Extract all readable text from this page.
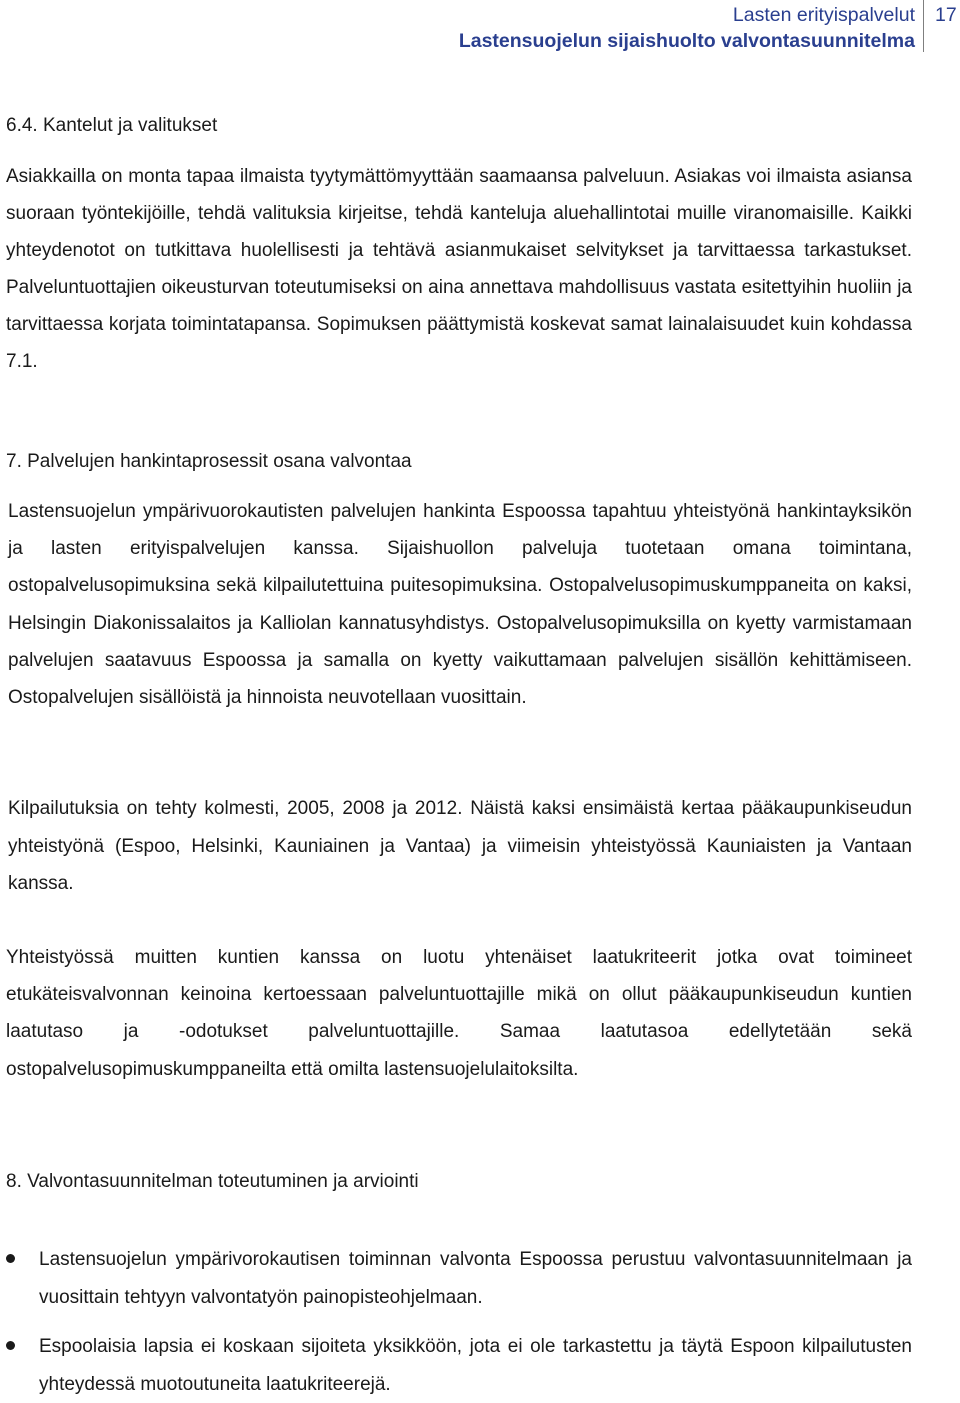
Lasten erityispalvelut
Lastensuojelun sijaishuolto valvontasuunnitelma
17
6.4. Kantelut ja valitukset
Asiakkailla on monta tapaa ilmaista tyytymättömyyttään saamaansa palveluun. Asiakas voi ilmaista asiansa suoraan työntekijöille, tehdä valituksia kirjeitse, tehdä kanteluja aluehallintotai muille viranomaisille. Kaikki yhteydenotot on tutkittava huolellisesti ja tehtävä asianmukaiset selvitykset ja tarvittaessa tarkastukset. Palveluntuottajien oikeusturvan toteutumiseksi on aina annettava mahdollisuus vastata esitettyihin huoliin ja tarvittaessa korjata toimintatapansa. Sopimuksen päättymistä koskevat samat lainalaisuudet kuin kohdassa 7.1.
7. Palvelujen hankintaprosessit osana valvontaa
Lastensuojelun ympärivuorokautisten palvelujen hankinta Espoossa tapahtuu yhteistyönä hankintayksikön ja lasten erityispalvelujen kanssa. Sijaishuollon palveluja tuotetaan omana toimintana, ostopalvelusopimuksina sekä kilpailutettuina puitesopimuksina. Ostopalvelusopimuskumppaneita on kaksi, Helsingin Diakonissalaitos ja Kalliolan kannatusyhdistys. Ostopalvelusopimuksilla on kyetty varmistamaan palvelujen saatavuus Espoossa ja samalla on kyetty vaikuttamaan palvelujen sisällön kehittämiseen. Ostopalvelujen sisällöistä ja hinnoista neuvotellaan vuosittain.
Kilpailutuksia on tehty kolmesti, 2005, 2008 ja 2012. Näistä kaksi ensimäistä kertaa pääkaupunkiseudun yhteistyönä (Espoo, Helsinki, Kauniainen ja Vantaa) ja viimeisin yhteistyössä Kauniaisten ja Vantaan kanssa.
Yhteistyössä muitten kuntien kanssa on luotu yhtenäiset laatukriteerit jotka ovat toimineet etukäteisvalvonnan keinoina kertoessaan palveluntuottajille mikä on ollut pääkaupunkiseudun kuntien laatutaso ja -odotukset palveluntuottajille. Samaa laatutasoa edellytetään sekä ostopalvelusopimuskumppaneilta että omilta lastensuojelulaitoksilta.
8. Valvontasuunnitelman toteutuminen ja arviointi
Lastensuojelun ympärivorokautisen toiminnan valvonta Espoossa perustuu valvontasuunnitelmaan ja vuosittain tehtyyn valvontatyön painopisteohjelmaan.
Espoolaisia lapsia ei koskaan sijoiteta yksikköön, jota ei ole tarkastettu ja täytä Espoon kilpailutusten yhteydessä muotoutuneita laatukriteerejä.
